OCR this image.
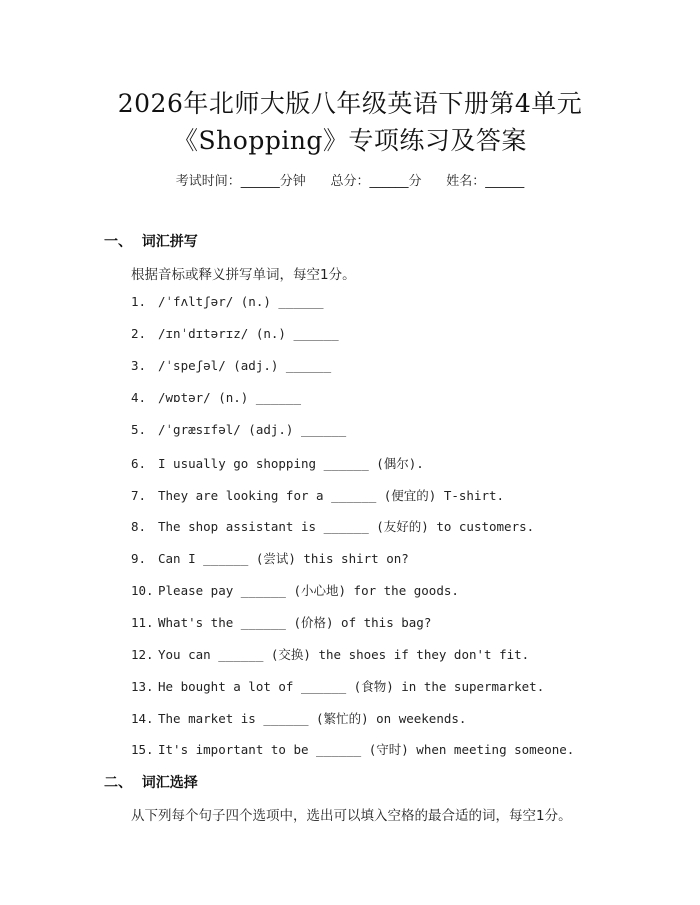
2026年北师大版八年级英语下册第4单元
《Shopping》专项练习及答案
考试时间：______分钟      总分：______分      姓名：______
一、  词汇拼写
根据音标或释义拼写单词，每空1分。
1. /ˈfʌltʃər/ (n.) ______
2. /ɪnˈdɪtərɪz/ (n.) ______
3. /ˈspeʃəl/ (adj.) ______
4. /wɒtər/ (n.) ______
5. /ˈgræsɪfəl/ (adj.) ______
6. I usually go shopping ______ (偶尔).
7. They are looking for a ______ (便宜的) T-shirt.
8. The shop assistant is ______ (友好的) to customers.
9. Can I ______ (尝试) this shirt on?
10. Please pay ______ (小心地) for the goods.
11. What's the ______ (价格) of this bag?
12. You can ______ (交换) the shoes if they don't fit.
13. He bought a lot of ______ (食物) in the supermarket.
14. The market is ______ (繁忙的) on weekends.
15. It's important to be ______ (守时) when meeting someone.
二、  词汇选择
从下列每个句子四个选项中，选出可以填入空格的最合适的词，每空1分。
